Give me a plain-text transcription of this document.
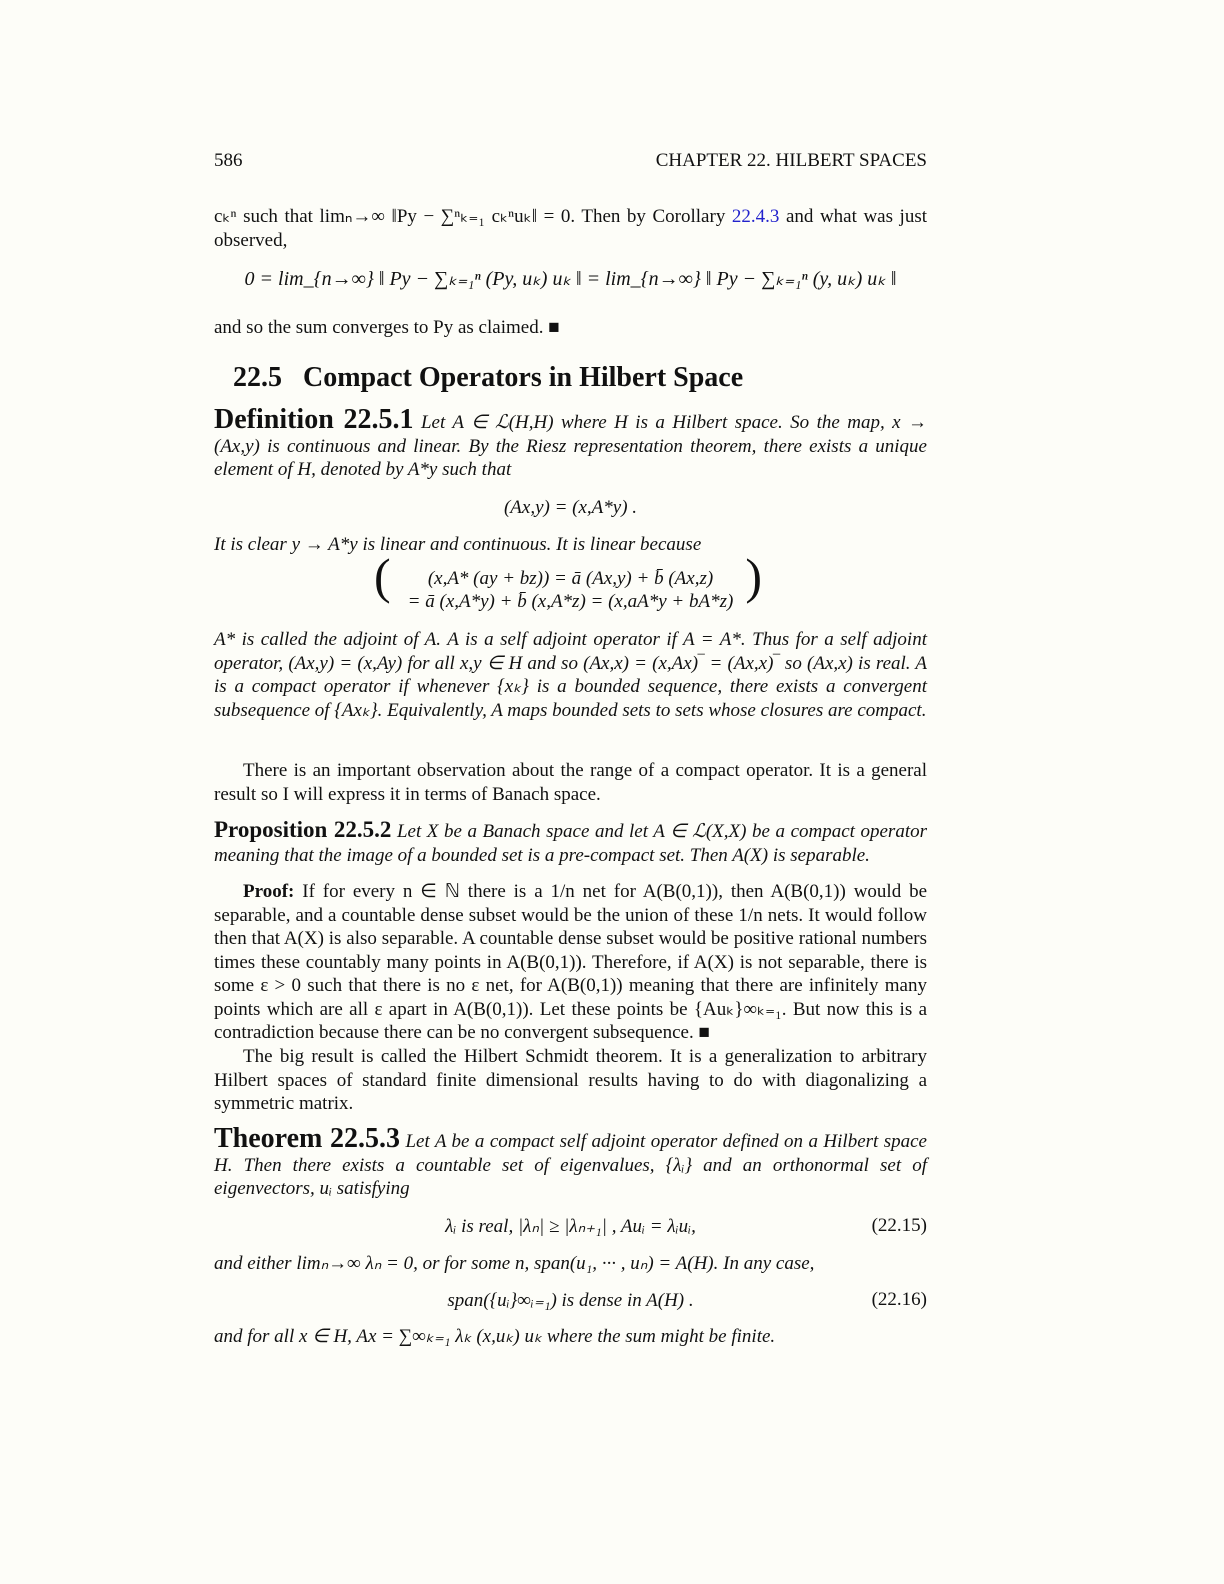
586	CHAPTER 22. HILBERT SPACES
cₖⁿ such that limₙ→∞ ‖Py − ∑ⁿₖ₌₁ cₖⁿuₖ‖ = 0. Then by Corollary 22.4.3 and what was just observed,
0 = lim_{n→∞} ‖ Py − ∑ₖ₌₁ⁿ (Py, uₖ) uₖ ‖ = lim_{n→∞} ‖ Py − ∑ₖ₌₁ⁿ (y, uₖ) uₖ ‖
and so the sum converges to Py as claimed. ■
22.5 Compact Operators in Hilbert Space
Definition 22.5.1 Let A ∈ ℒ(H,H) where H is a Hilbert space. So the map, x → (Ax,y) is continuous and linear. By the Riesz representation theorem, there exists a unique element of H, denoted by A*y such that
(Ax,y) = (x,A*y) .
It is clear y → A*y is linear and continuous. It is linear because
(	(x,A* (ay + bz)) = ā (Ax,y) + b̄ (Ax,z)
= ā (x,A*y) + b̄ (x,A*z) = (x,aA*y + bA*z) )
A* is called the adjoint of A. A is a self adjoint operator if A = A*. Thus for a self adjoint operator, (Ax,y) = (x,Ay) for all x,y ∈ H and so (Ax,x) = (x,Ax)‾ = (Ax,x)‾ so (Ax,x) is real. A is a compact operator if whenever {xₖ} is a bounded sequence, there exists a convergent subsequence of {Axₖ}. Equivalently, A maps bounded sets to sets whose closures are compact.
There is an important observation about the range of a compact operator. It is a general result so I will express it in terms of Banach space.
Proposition 22.5.2 Let X be a Banach space and let A ∈ ℒ(X,X) be a compact operator meaning that the image of a bounded set is a pre-compact set. Then A(X) is separable.
Proof: If for every n ∈ ℕ there is a 1/n net for A(B(0,1)), then A(B(0,1)) would be separable, and a countable dense subset would be the union of these 1/n nets. It would follow then that A(X) is also separable. A countable dense subset would be positive rational numbers times these countably many points in A(B(0,1)). Therefore, if A(X) is not separable, there is some ε > 0 such that there is no ε net, for A(B(0,1)) meaning that there are infinitely many points which are all ε apart in A(B(0,1)). Let these points be {Auₖ}∞ₖ₌₁. But now this is a contradiction because there can be no convergent subsequence. ■
The big result is called the Hilbert Schmidt theorem. It is a generalization to arbitrary Hilbert spaces of standard finite dimensional results having to do with diagonalizing a symmetric matrix.
Theorem 22.5.3 Let A be a compact self adjoint operator defined on a Hilbert space H. Then there exists a countable set of eigenvalues, {λᵢ} and an orthonormal set of eigenvectors, uᵢ satisfying
λᵢ is real, |λₙ| ≥ |λₙ₊₁| , Auᵢ = λᵢuᵢ,	(22.15)
and either limₙ→∞ λₙ = 0, or for some n, span(u₁, ··· , uₙ) = A(H). In any case,
span({uᵢ}∞ᵢ₌₁) is dense in A(H) .	(22.16)
and for all x ∈ H, Ax = ∑∞ₖ₌₁ λₖ (x,uₖ) uₖ where the sum might be finite.
